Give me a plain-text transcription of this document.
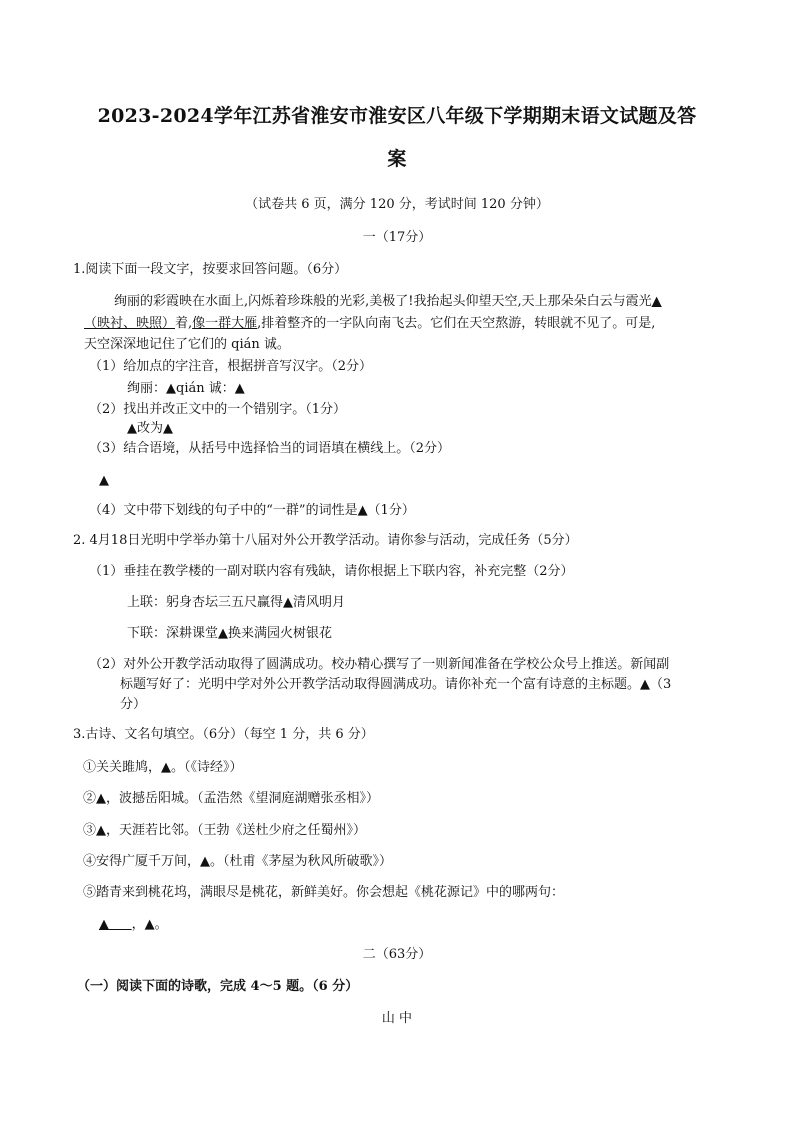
2023-2024学年江苏省淮安市淮安区八年级下学期期末语文试题及答
案
（试卷共 6 页，满分 120 分，考试时间 120 分钟）
一（17分）
1.阅读下面一段文字，按要求回答问题。（6分）
绚丽的彩霞映在水面上,闪烁着珍珠般的光彩,美极了!我抬起头仰望天空,天上那朵朵白云与霞光▲
（映衬、映照）着,像一群大雁,排着整齐的一字队向南飞去。它们在天空熬游，转眼就不见了。可是,
天空深深地记住了它们的 qián 诚。
（1）给加点的字注音，根据拼音写汉字。（2分）
绚丽：▲qián 诚：▲
（2）找出并改正文中的一个错别字。（1分）
▲改为▲
（3）结合语境，从括号中选择恰当的词语填在横线上。（2分）
▲
（4）文中带下划线的句子中的“一群”的词性是▲（1分）
2. 4月18日光明中学举办第十八届对外公开教学活动。请你参与活动，完成任务（5分）
（1）垂挂在教学楼的一副对联内容有残缺，请你根据上下联内容，补充完整（2分）
上联：躬身杏坛三五尺赢得▲清风明月
下联：深耕课堂▲换来满园火树银花
（2）对外公开教学活动取得了圆满成功。校办精心撰写了一则新闻准备在学校公众号上推送。新闻副
标题写好了：光明中学对外公开教学活动取得圆满成功。请你补充一个富有诗意的主标题。▲（3
分）
3.古诗、文名句填空。（6分）（每空 1 分，共 6 分）
①关关雎鸠，▲。（《诗经》）
②▲，波撼岳阳城。（孟浩然《望洞庭湖赠张丞相》）
③▲，天涯若比邻。（王勃《送杜少府之任蜀州》）
④安得广厦千万间，▲。（杜甫《茅屋为秋风所破歌》）
⑤踏青来到桃花坞，满眼尽是桃花，新鲜美好。你会想起《桃花源记》中的哪两句：
▲ ，▲。
二（63分）
（一）阅读下面的诗歌，完成 4～5 题。（6 分）
山 中
